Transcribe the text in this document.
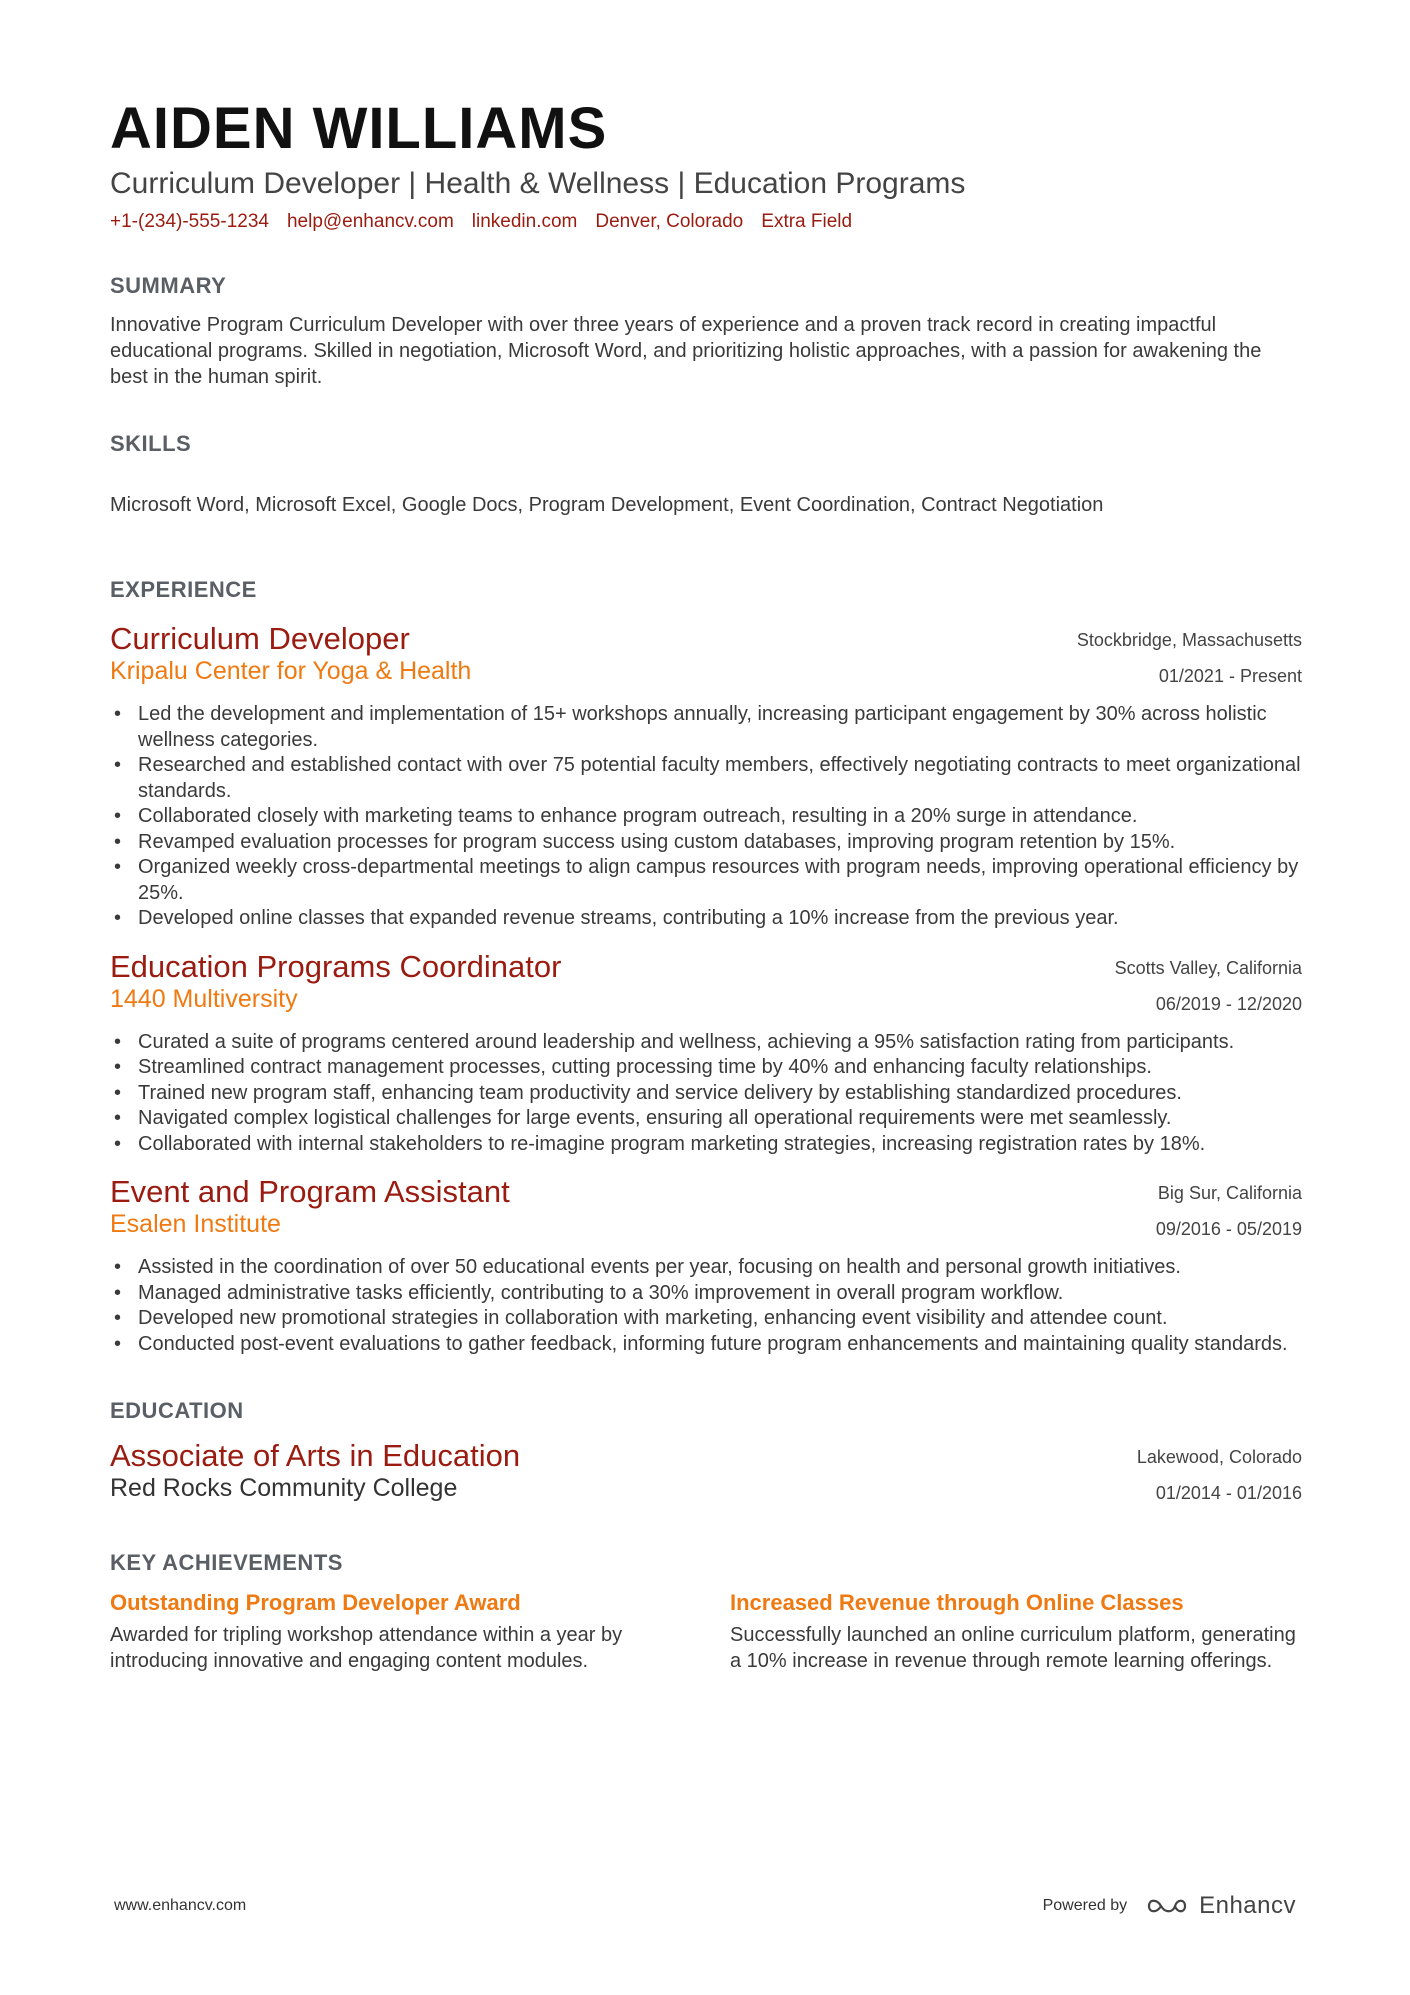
AIDEN WILLIAMS
Curriculum Developer | Health & Wellness | Education Programs
+1-(234)-555-1234 help@enhancv.com linkedin.com Denver, Colorado Extra Field
SUMMARY
Innovative Program Curriculum Developer with over three years of experience and a proven track record in creating impactful educational programs. Skilled in negotiation, Microsoft Word, and prioritizing holistic approaches, with a passion for awakening the best in the human spirit.
SKILLS
Microsoft Word, Microsoft Excel, Google Docs, Program Development, Event Coordination, Contract Negotiation
EXPERIENCE
Curriculum Developer
Kripalu Center for Yoga & Health
Stockbridge, Massachusetts
01/2021 - Present
• Led the development and implementation of 15+ workshops annually, increasing participant engagement by 30% across holistic wellness categories.
• Researched and established contact with over 75 potential faculty members, effectively negotiating contracts to meet organizational standards.
• Collaborated closely with marketing teams to enhance program outreach, resulting in a 20% surge in attendance.
• Revamped evaluation processes for program success using custom databases, improving program retention by 15%.
• Organized weekly cross-departmental meetings to align campus resources with program needs, improving operational efficiency by 25%.
• Developed online classes that expanded revenue streams, contributing a 10% increase from the previous year.
Education Programs Coordinator
1440 Multiversity
Scotts Valley, California
06/2019 - 12/2020
• Curated a suite of programs centered around leadership and wellness, achieving a 95% satisfaction rating from participants.
• Streamlined contract management processes, cutting processing time by 40% and enhancing faculty relationships.
• Trained new program staff, enhancing team productivity and service delivery by establishing standardized procedures.
• Navigated complex logistical challenges for large events, ensuring all operational requirements were met seamlessly.
• Collaborated with internal stakeholders to re-imagine program marketing strategies, increasing registration rates by 18%.
Event and Program Assistant
Esalen Institute
Big Sur, California
09/2016 - 05/2019
• Assisted in the coordination of over 50 educational events per year, focusing on health and personal growth initiatives.
• Managed administrative tasks efficiently, contributing to a 30% improvement in overall program workflow.
• Developed new promotional strategies in collaboration with marketing, enhancing event visibility and attendee count.
• Conducted post-event evaluations to gather feedback, informing future program enhancements and maintaining quality standards.
EDUCATION
Associate of Arts in Education
Red Rocks Community College
Lakewood, Colorado
01/2014 - 01/2016
KEY ACHIEVEMENTS
Outstanding Program Developer Award
Awarded for tripling workshop attendance within a year by introducing innovative and engaging content modules.
Increased Revenue through Online Classes
Successfully launched an online curriculum platform, generating a 10% increase in revenue through remote learning offerings.
www.enhancv.com	Powered by	Enhancv
